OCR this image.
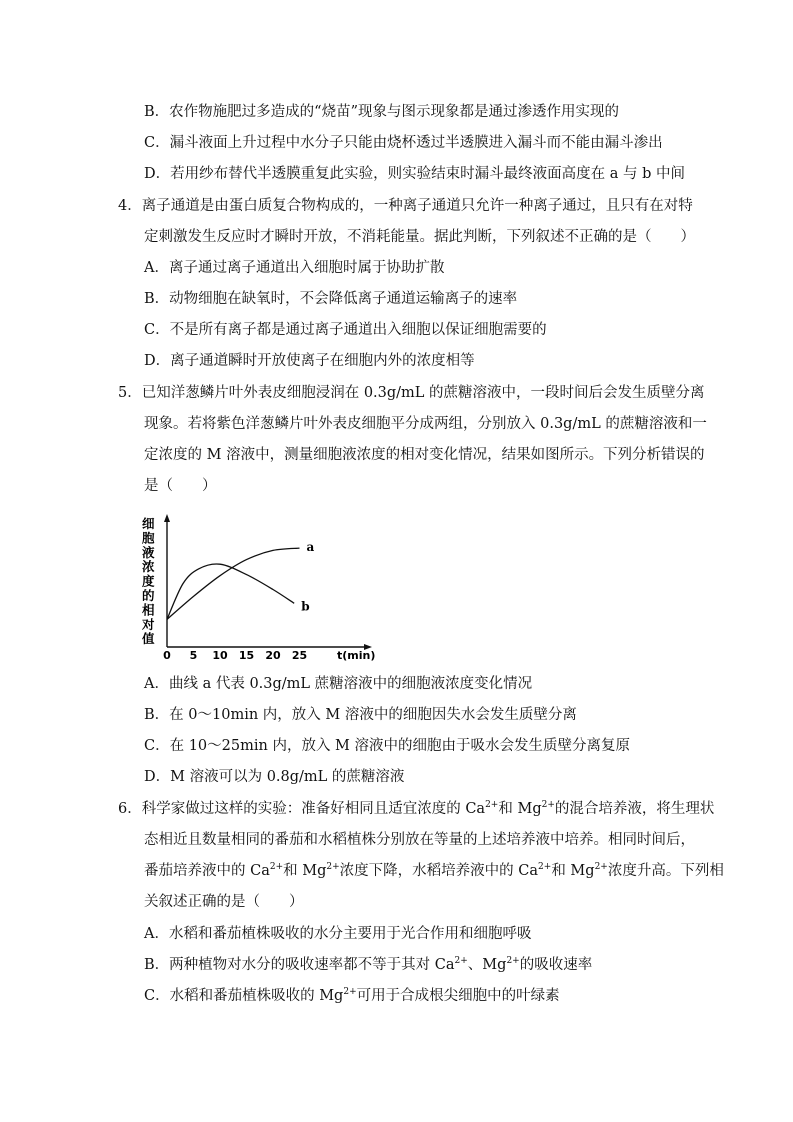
B．农作物施肥过多造成的“烧苗”现象与图示现象都是通过渗透作用实现的
C．漏斗液面上升过程中水分子只能由烧杯透过半透膜进入漏斗而不能由漏斗渗出
D．若用纱布替代半透膜重复此实验，则实验结束时漏斗最终液面高度在 a 与 b 中间
4．离子通道是由蛋白质复合物构成的，一种离子通道只允许一种离子通过，且只有在对特
定刺激发生反应时才瞬时开放，不消耗能量。据此判断，下列叙述不正确的是（　　）
A．离子通过离子通道出入细胞时属于协助扩散
B．动物细胞在缺氧时，不会降低离子通道运输离子的速率
C．不是所有离子都是通过离子通道出入细胞以保证细胞需要的
D．离子通道瞬时开放使离子在细胞内外的浓度相等
5．已知洋葱鳞片叶外表皮细胞浸润在 0.3g/mL 的蔗糖溶液中，一段时间后会发生质壁分离
现象。若将紫色洋葱鳞片叶外表皮细胞平分成两组，分别放入 0.3g/mL 的蔗糖溶液和一
定浓度的 M 溶液中，测量细胞液浓度的相对变化情况，结果如图所示。下列分析错误的
是（　　）
细
胞
液
浓
度
的
相
对
值
0 5 10 15 20 25	t(min)
a
b
A．曲线 a 代表 0.3g/mL 蔗糖溶液中的细胞液浓度变化情况
B．在 0～10min 内，放入 M 溶液中的细胞因失水会发生质壁分离
C．在 10～25min 内，放入 M 溶液中的细胞由于吸水会发生质壁分离复原
D．M 溶液可以为 0.8g/mL 的蔗糖溶液
6．科学家做过这样的实验：准备好相同且适宜浓度的 $Ca^{2+}$和 $Mg^{2+}$的混合培养液，将生理状
态相近且数量相同的番茄和水稻植株分别放在等量的上述培养液中培养。相同时间后，
番茄培养液中的 $Ca^{2+}$和 $Mg^{2+}$浓度下降，水稻培养液中的 $Ca^{2+}$和 $Mg^{2+}$浓度升高。下列相
关叙述正确的是（　　）
A．水稻和番茄植株吸收的水分主要用于光合作用和细胞呼吸
B．两种植物对水分的吸收速率都不等于其对 $Ca^{2+}$、$Mg^{2+}$的吸收速率
C．水稻和番茄植株吸收的 $Mg^{2+}$可用于合成根尖细胞中的叶绿素
